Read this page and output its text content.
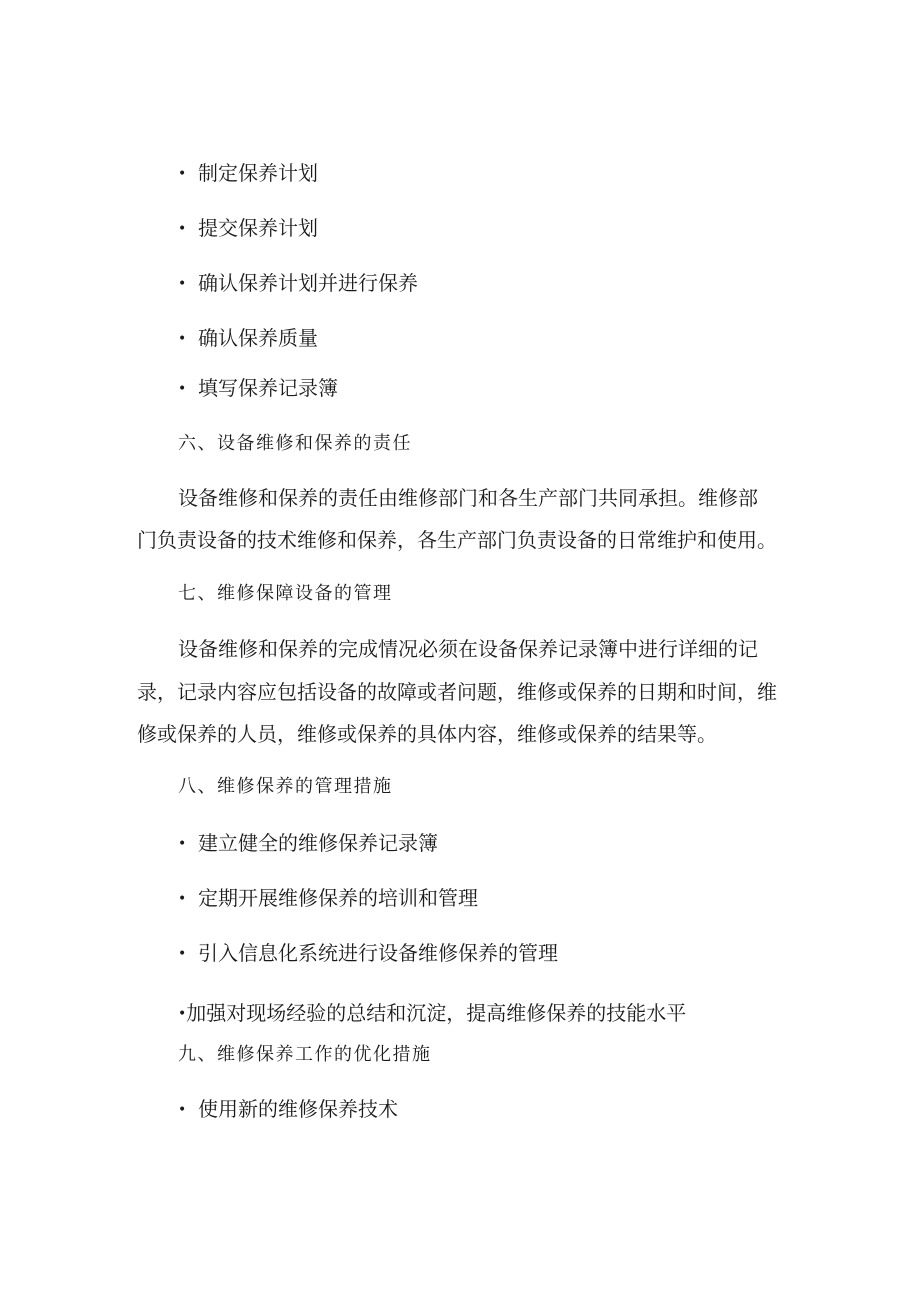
• 制定保养计划
• 提交保养计划
• 确认保养计划并进行保养
• 确认保养质量
• 填写保养记录簿
六、设备维修和保养的责任
设备维修和保养的责任由维修部门和各生产部门共同承担。维修部
门负责设备的技术维修和保养，各生产部门负责设备的日常维护和使用。
七、维修保障设备的管理
设备维修和保养的完成情况必须在设备保养记录簿中进行详细的记
录，记录内容应包括设备的故障或者问题，维修或保养的日期和时间，维
修或保养的人员，维修或保养的具体内容，维修或保养的结果等。
八、维修保养的管理措施
• 建立健全的维修保养记录簿
• 定期开展维修保养的培训和管理
• 引入信息化系统进行设备维修保养的管理
•加强对现场经验的总结和沉淀，提高维修保养的技能水平
九、维修保养工作的优化措施
• 使用新的维修保养技术
